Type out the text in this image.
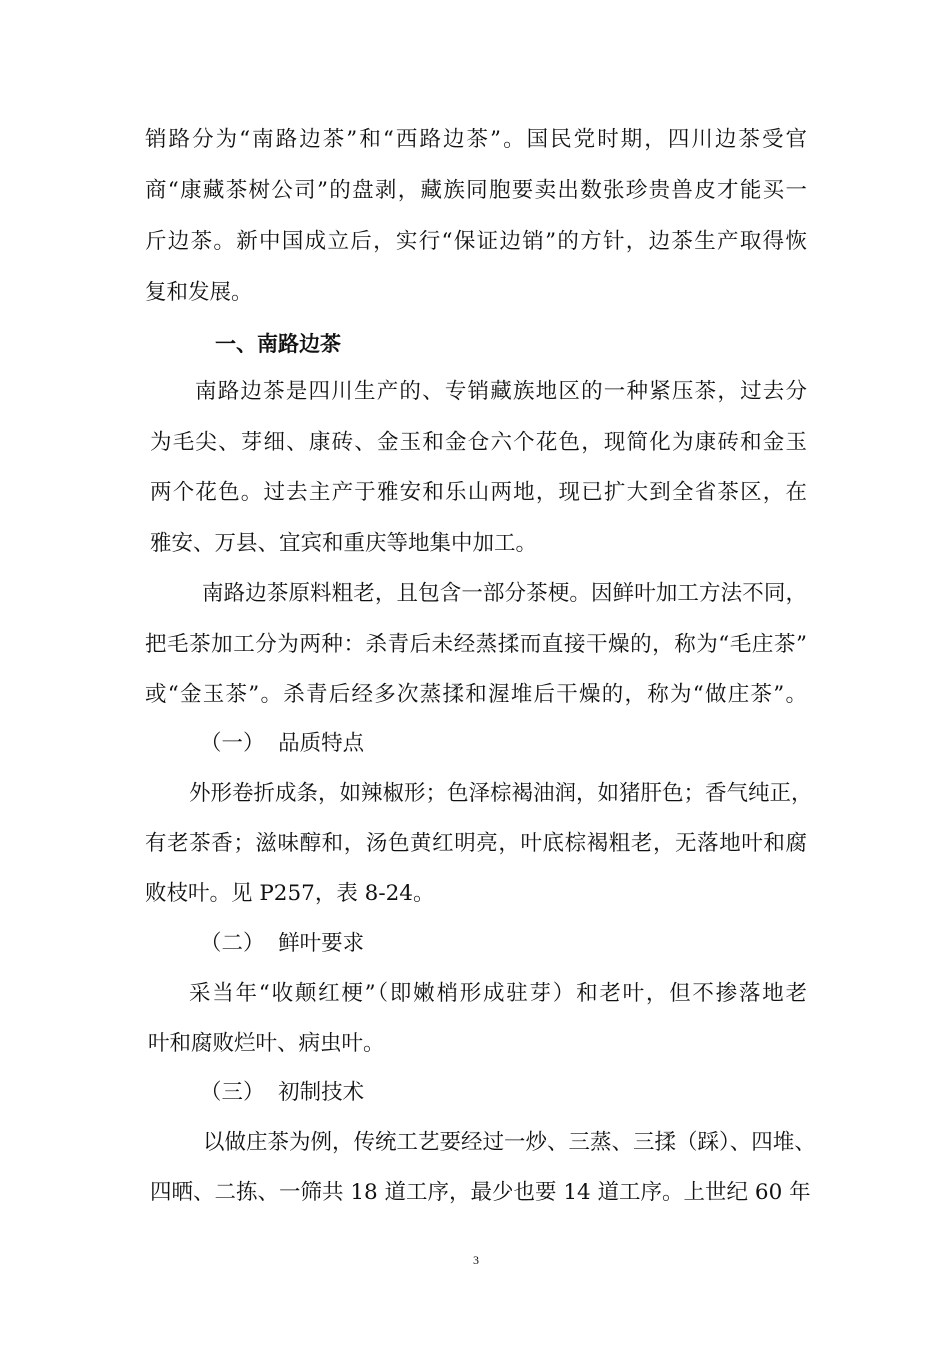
销路分为“南路边茶”和“西路边茶”。国民党时期，四川边茶受官
商“康藏茶树公司”的盘剥，藏族同胞要卖出数张珍贵兽皮才能买一
斤边茶。新中国成立后，实行“保证边销”的方针，边茶生产取得恢
复和发展。
一、南路边茶
南路边茶是四川生产的、专销藏族地区的一种紧压茶，过去分
为毛尖、芽细、康砖、金玉和金仓六个花色，现简化为康砖和金玉
两个花色。过去主产于雅安和乐山两地，现已扩大到全省茶区，在
雅安、万县、宜宾和重庆等地集中加工。
南路边茶原料粗老，且包含一部分茶梗。因鲜叶加工方法不同，
把毛茶加工分为两种：杀青后未经蒸揉而直接干燥的，称为“毛庄茶”
或“金玉茶”。杀青后经多次蒸揉和渥堆后干燥的，称为“做庄茶”。
（一）  品质特点
外形卷折成条，如辣椒形；色泽棕褐油润，如猪肝色；香气纯正，
有老茶香；滋味醇和，汤色黄红明亮，叶底棕褐粗老，无落地叶和腐
败枝叶。见 P257，表 8-24。
（二）  鲜叶要求
采当年“收颠红梗”（即嫩梢形成驻芽）和老叶，但不掺落地老
叶和腐败烂叶、病虫叶。
（三）  初制技术
以做庄茶为例，传统工艺要经过一炒、三蒸、三揉（踩）、四堆、
四晒、二拣、一筛共 18 道工序，最少也要 14 道工序。上世纪 60 年
3
